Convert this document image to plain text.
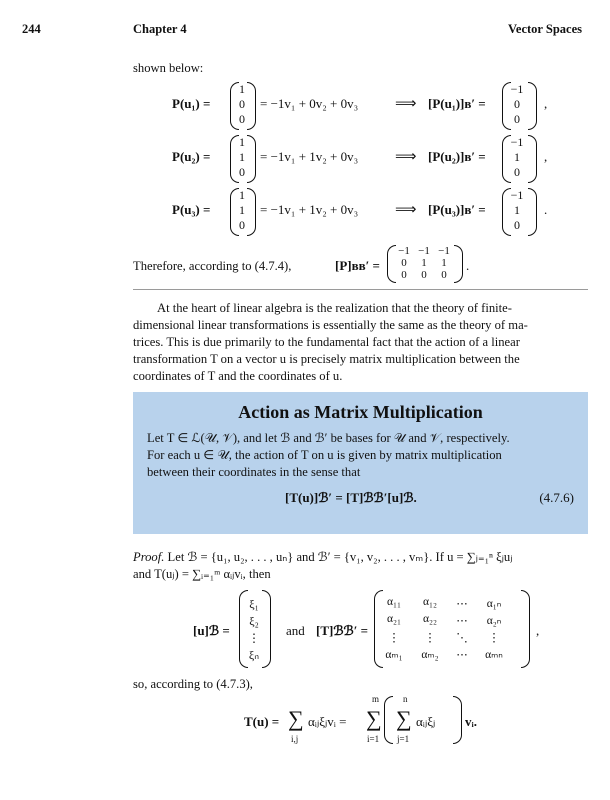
244	Chapter 4	Vector Spaces
shown below:
P(u₁) =
1
0
0
= −1v₁ + 0v₂ + 0v₃ ⟹ [P(u₁)]ʙ′ =
−1
0
0
,
P(u₂) =
1
1
0
= −1v₁ + 1v₂ + 0v₃ ⟹ [P(u₂)]ʙ′ =
−1
1
0
,
P(u₃) =
1
1
0
= −1v₁ + 1v₂ + 0v₃ ⟹ [P(u₃)]ʙ′ =
−1
1
0
.
Therefore, according to (4.7.4),	[P]ʙʙ′ =
−1 −1 −1
0	1	1
0	0	0
.
At the heart of linear algebra is the realization that the theory of finite-
dimensional linear transformations is essentially the same as the theory of ma-
trices. This is due primarily to the fundamental fact that the action of a linear
transformation T on a vector u is precisely matrix multiplication between the
coordinates of T and the coordinates of u.
Action as Matrix Multiplication
Let T ∈ ℒ(𝒰, 𝒱), and let ℬ and ℬ′ be bases for 𝒰 and 𝒱, respectively.
For each u ∈ 𝒰, the action of T on u is given by matrix multiplication
between their coordinates in the sense that
[T(u)]ℬ′ = [T]ℬℬ′[u]ℬ.	(4.7.6)
Proof. Let ℬ = {u₁, u₂, . . . , uₙ} and ℬ′ = {v₁, v₂, . . . , vₘ}. If u = ∑ⱼ₌₁ⁿ ξⱼuⱼ
and T(uⱼ) = ∑ᵢ₌₁ᵐ αᵢⱼvᵢ, then
[u]ℬ =
ξ₁
ξ₂
⋮
ξₙ
and [T]ℬℬ′ =
α₁₁	α₁₂	⋯	α₁ₙ
α₂₁	α₂₂	⋯	α₂ₙ
⋮	⋮	⋱	⋮
αₘ₁	αₘ₂	⋯	αₘₙ
,
so, according to (4.7.3),
T(u) = ∑
i,j
αᵢⱼξⱼvᵢ =
m
∑
i=1
n
∑
j=1
αᵢⱼξⱼ vᵢ.
